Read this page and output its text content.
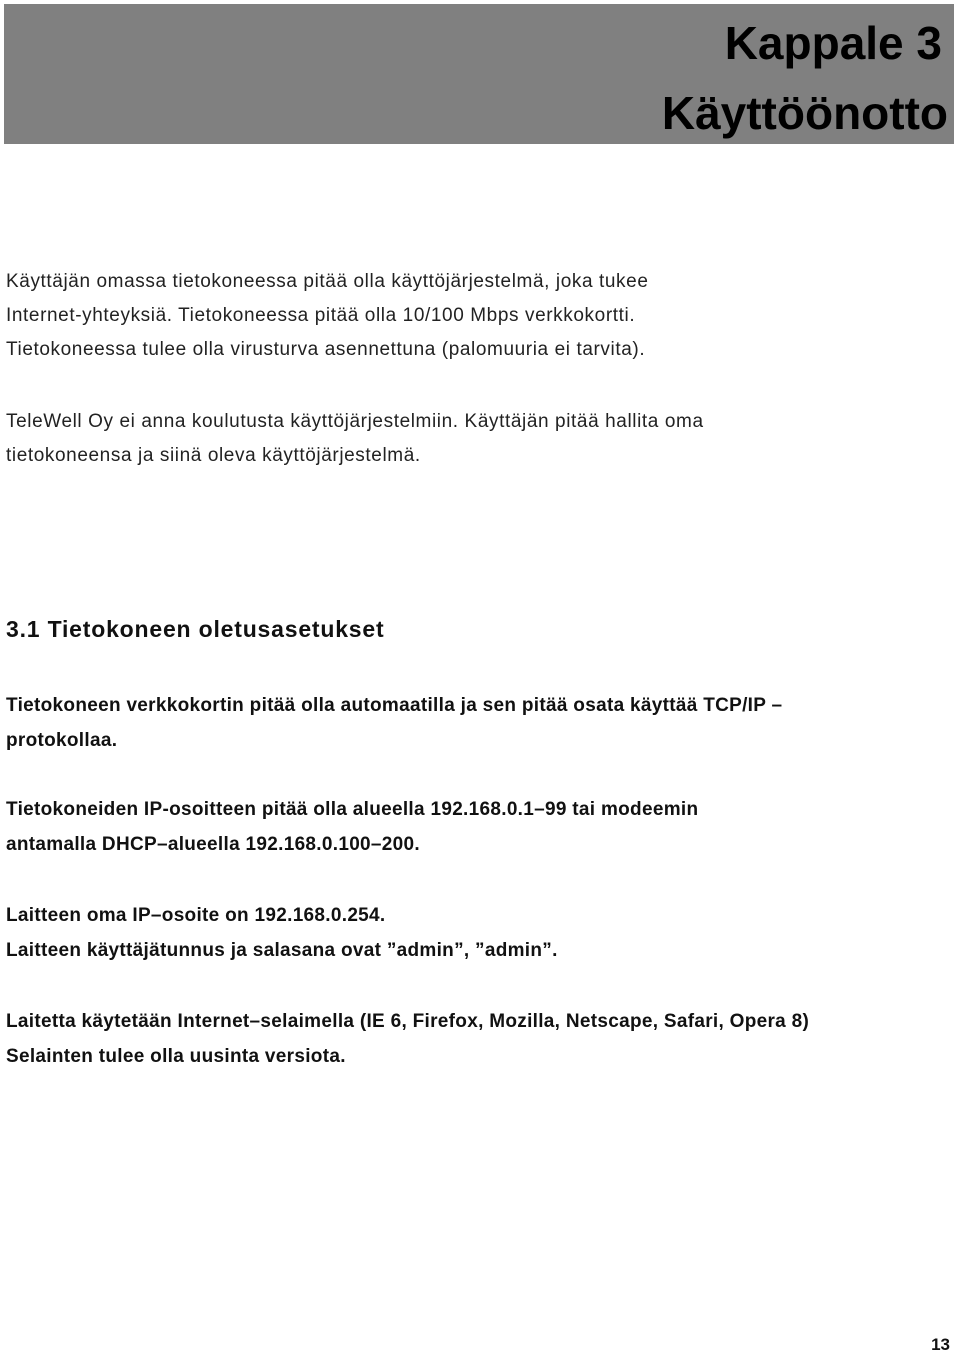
Kappale 3
Käyttöönotto
Käyttäjän omassa tietokoneessa pitää olla käyttöjärjestelmä, joka tukee
Internet-yhteyksiä. Tietokoneessa pitää olla 10/100 Mbps verkkokortti.
Tietokoneessa tulee olla virusturva asennettuna (palomuuria ei tarvita).
TeleWell Oy ei anna koulutusta käyttöjärjestelmiin. Käyttäjän pitää hallita oma
tietokoneensa ja siinä oleva käyttöjärjestelmä.
3.1 Tietokoneen oletusasetukset
Tietokoneen verkkokortin pitää olla automaatilla ja sen pitää osata käyttää TCP/IP –
protokollaa.
Tietokoneiden IP-osoitteen pitää olla alueella 192.168.0.1–99 tai modeemin
antamalla DHCP–alueella 192.168.0.100–200.
Laitteen oma IP–osoite on 192.168.0.254.
Laitteen käyttäjätunnus ja salasana ovat ”admin”, ”admin”.
Laitetta käytetään Internet–selaimella (IE 6, Firefox, Mozilla, Netscape, Safari, Opera 8)
Selainten tulee olla uusinta versiota.
13
